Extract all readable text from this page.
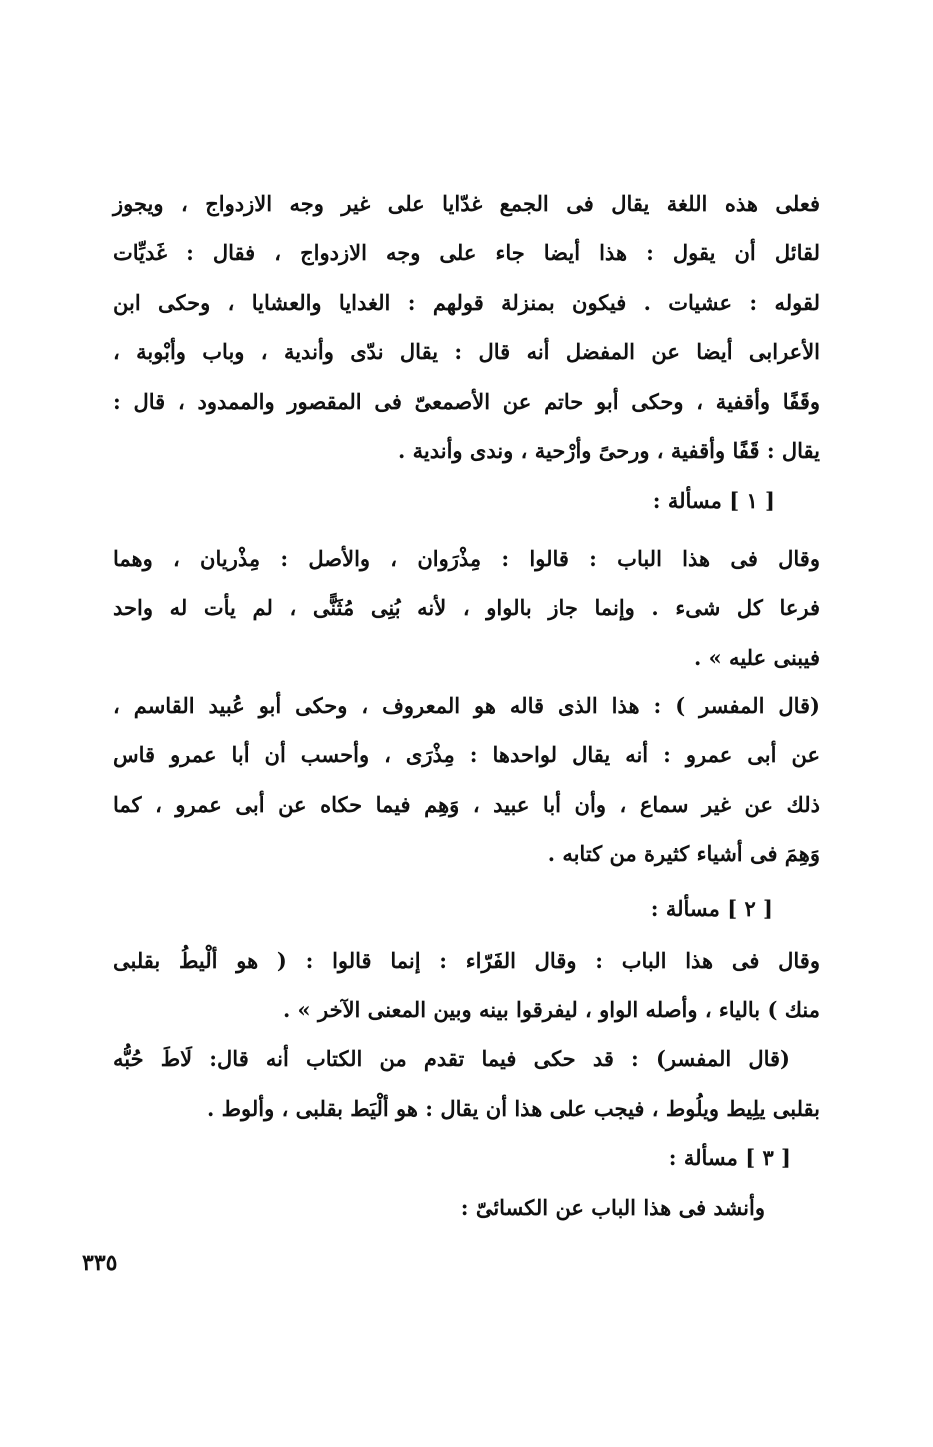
فعلى هذه اللغة يقال فى الجمع غدّايا على غير وجه الازدواج ، ويجوز
لقائل أن يقول : هذا أيضا جاء على وجه الازدواج ، فقال : غَديِّات
لقوله : عشيات . فيكون بمنزلة قولهم : الغدايا والعشايا ، وحكى ابن
الأعرابى أيضا عن المفضل أنه قال : يقال ندّى وأندية ، وباب وأبْوبة ،
وقَفًا وأقفية ، وحكى أبو حاتم عن الأصمعىّ فى المقصور والممدود ، قال :
يقال : قَفًا وأقفية ، ورحىً وأرْحية ، وندى وأندية .
[ ١ ] مسألة :
وقال فى هذا الباب : قالوا : مِذْرَوان ، والأصل : مِذْريان ، وهما
فرعا كل شىء . وإنما جاز بالواو ، لأنه بُنِى مُثَنًّى ، لم يأت له واحد
فيبنى عليه » .
(قال المفسر ) : هذا الذى قاله هو المعروف ، وحكى أبو عُبيد القاسم ،
عن أبى عمرو : أنه يقال لواحدها : مِذْرَى ، وأحسب أن أبا عمرو قاس
ذلك عن غير سماع ، وأن أبا عبيد ، وَهِم فيما حكاه عن أبى عمرو ، كما
وَهِمَ فى أشياء كثيرة من كتابه .
[ ٢ ] مسألة :
وقال فى هذا الباب : وقال الفَرّاء : إنما قالوا : ( هو ألْيطُ بقلبى
منك ) بالياء ، وأصله الواو ، ليفرقوا بينه وبين المعنى الآخر » .
(قال المفسر) : قد حكى فيما تقدم من الكتاب أنه قال: لَاطَ حُبُّه
بقلبى يلِيط ويلُوط ، فيجب على هذا أن يقال : هو ألْيَط بقلبى ، وألوط .
[ ٣ ] مسألة :
وأنشد فى هذا الباب عن الكسائىّ :
٣٣٥
